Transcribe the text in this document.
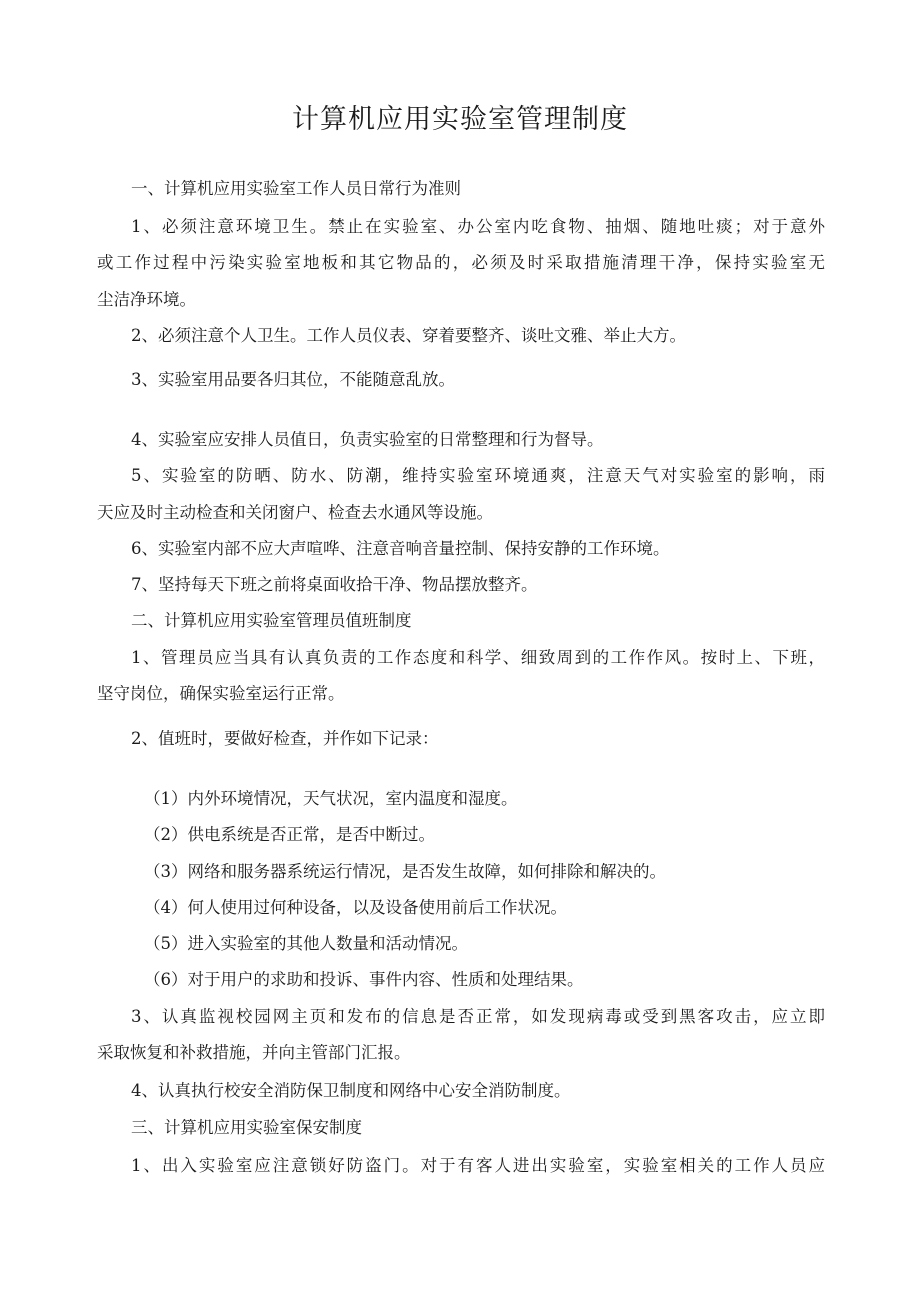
计算机应用实验室管理制度
一、计算机应用实验室工作人员日常行为准则
1、必须注意环境卫生。禁止在实验室、办公室内吃食物、抽烟、随地吐痰；对于意外
或工作过程中污染实验室地板和其它物品的，必须及时采取措施清理干净，保持实验室无
尘洁净环境。
2、必须注意个人卫生。工作人员仪表、穿着要整齐、谈吐文雅、举止大方。
3、实验室用品要各归其位，不能随意乱放。
4、实验室应安排人员值日，负责实验室的日常整理和行为督导。
5、实验室的防晒、防水、防潮，维持实验室环境通爽，注意天气对实验室的影响，雨
天应及时主动检查和关闭窗户、检查去水通风等设施。
6、实验室内部不应大声喧哗、注意音响音量控制、保持安静的工作环境。
7、坚持每天下班之前将桌面收拾干净、物品摆放整齐。
二、计算机应用实验室管理员值班制度
1、管理员应当具有认真负责的工作态度和科学、细致周到的工作作风。按时上、下班，
坚守岗位，确保实验室运行正常。
2、值班时，要做好检查，并作如下记录：
（1）内外环境情况，天气状况，室内温度和湿度。
（2）供电系统是否正常，是否中断过。
（3）网络和服务器系统运行情况，是否发生故障，如何排除和解决的。
（4）何人使用过何种设备，以及设备使用前后工作状况。
（5）进入实验室的其他人数量和活动情况。
（6）对于用户的求助和投诉、事件内容、性质和处理结果。
3、认真监视校园网主页和发布的信息是否正常，如发现病毒或受到黑客攻击，应立即
采取恢复和补救措施，并向主管部门汇报。
4、认真执行校安全消防保卫制度和网络中心安全消防制度。
三、计算机应用实验室保安制度
1、出入实验室应注意锁好防盗门。对于有客人进出实验室，实验室相关的工作人员应
